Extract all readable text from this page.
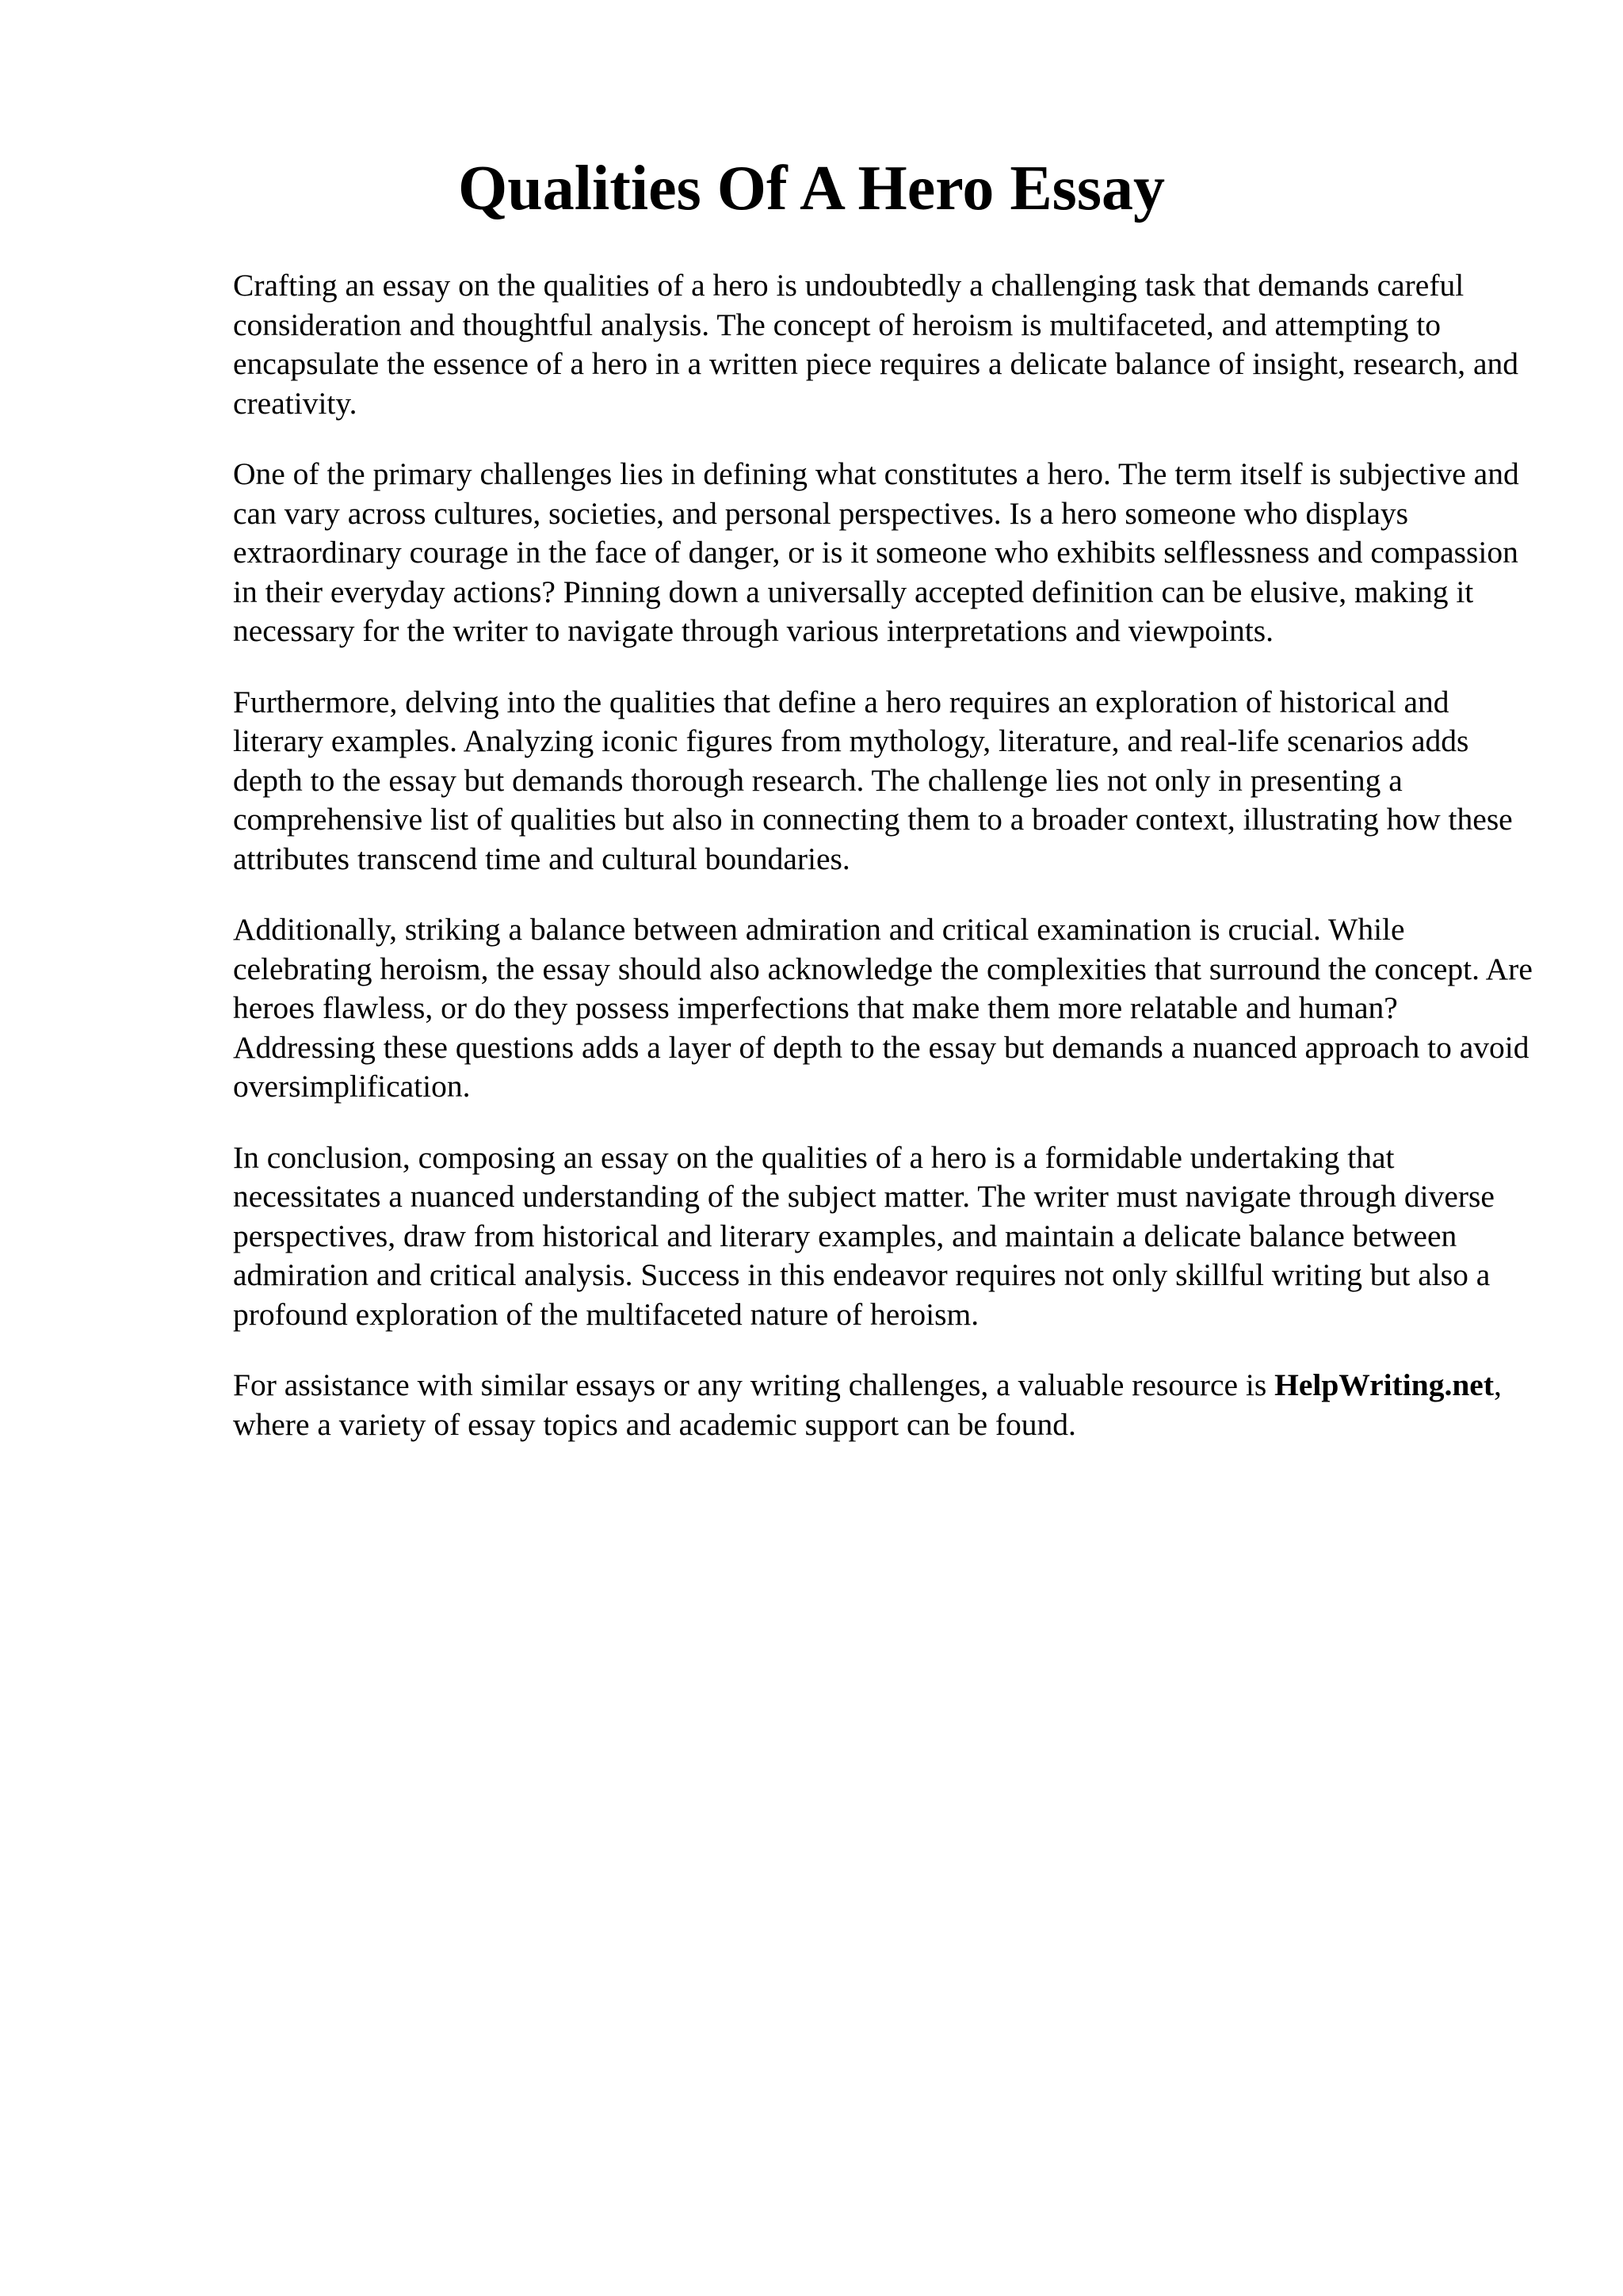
Qualities Of A Hero Essay

Crafting an essay on the qualities of a hero is undoubtedly a challenging task that demands careful consideration and thoughtful analysis. The concept of heroism is multifaceted, and attempting to encapsulate the essence of a hero in a written piece requires a delicate balance of insight, research, and creativity.

One of the primary challenges lies in defining what constitutes a hero. The term itself is subjective and can vary across cultures, societies, and personal perspectives. Is a hero someone who displays extraordinary courage in the face of danger, or is it someone who exhibits selflessness and compassion in their everyday actions? Pinning down a universally accepted definition can be elusive, making it necessary for the writer to navigate through various interpretations and viewpoints.

Furthermore, delving into the qualities that define a hero requires an exploration of historical and literary examples. Analyzing iconic figures from mythology, literature, and real-life scenarios adds depth to the essay but demands thorough research. The challenge lies not only in presenting a comprehensive list of qualities but also in connecting them to a broader context, illustrating how these attributes transcend time and cultural boundaries.

Additionally, striking a balance between admiration and critical examination is crucial. While celebrating heroism, the essay should also acknowledge the complexities that surround the concept. Are heroes flawless, or do they possess imperfections that make them more relatable and human? Addressing these questions adds a layer of depth to the essay but demands a nuanced approach to avoid oversimplification.

In conclusion, composing an essay on the qualities of a hero is a formidable undertaking that necessitates a nuanced understanding of the subject matter. The writer must navigate through diverse perspectives, draw from historical and literary examples, and maintain a delicate balance between admiration and critical analysis. Success in this endeavor requires not only skillful writing but also a profound exploration of the multifaceted nature of heroism.

For assistance with similar essays or any writing challenges, a valuable resource is HelpWriting.net, where a variety of essay topics and academic support can be found.
